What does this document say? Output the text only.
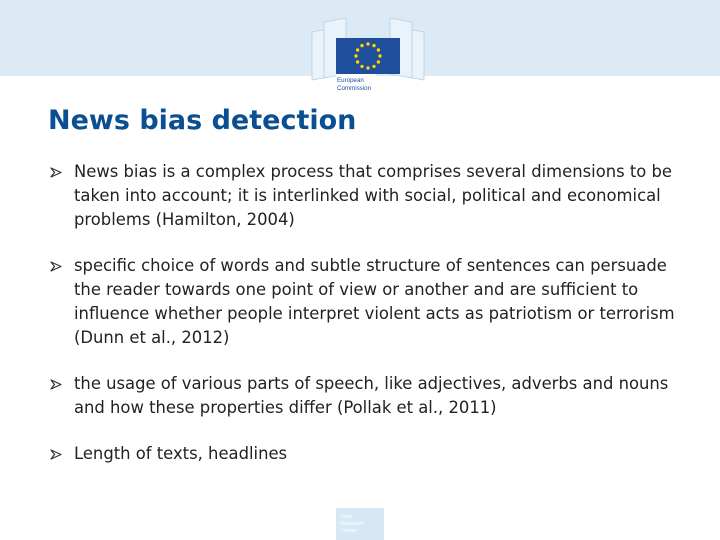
European
Commission
News bias detection
News bias is a complex process that comprises several dimensions to be taken into account; it is interlinked with social, political and economical problems (Hamilton, 2004)
specific choice of words and subtle structure of sentences can persuade the reader towards one point of view or another and are sufficient to influence whether people interpret violent acts as patriotism or terrorism (Dunn et al., 2012)
the usage of various parts of speech, like adjectives, adverbs and nouns and how these properties differ (Pollak et al., 2011)
Length of texts, headlines
Joint
Research
Centre
